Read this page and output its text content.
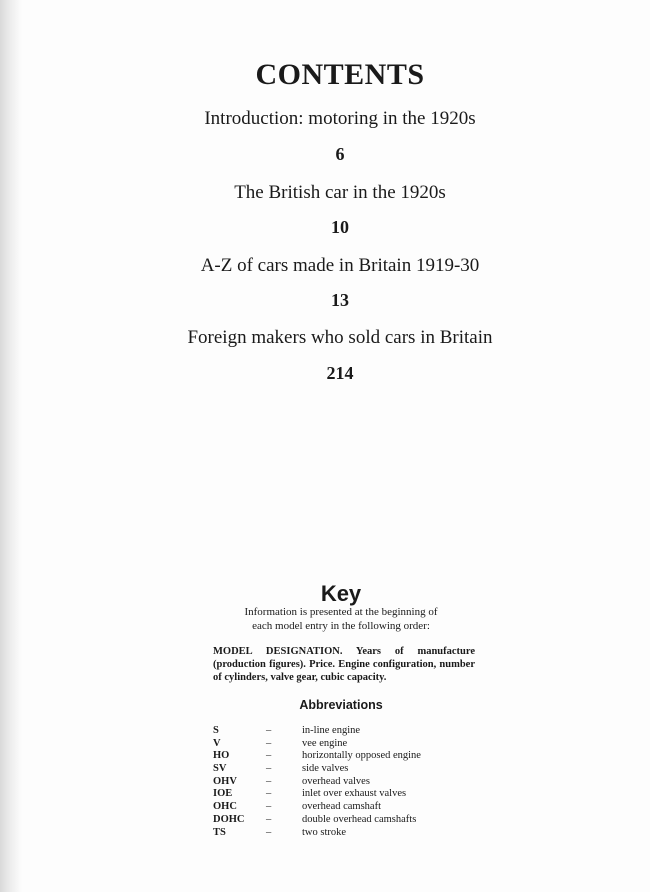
CONTENTS
Introduction: motoring in the 1920s
6
The British car in the 1920s
10
A-Z of cars made in Britain 1919-30
13
Foreign makers who sold cars in Britain
214
Key
Information is presented at the beginning of
each model entry in the following order:
MODEL DESIGNATION. Years of manufacture (production figures). Price. Engine configuration, number of cylinders, valve gear, cubic capacity.
Abbreviations
S	–	in-line engine
V	–	vee engine
HO	–	horizontally opposed engine
SV	–	side valves
OHV	–	overhead valves
IOE	–	inlet over exhaust valves
OHC	–	overhead camshaft
DOHC –	double overhead camshafts
TS	–	two stroke
